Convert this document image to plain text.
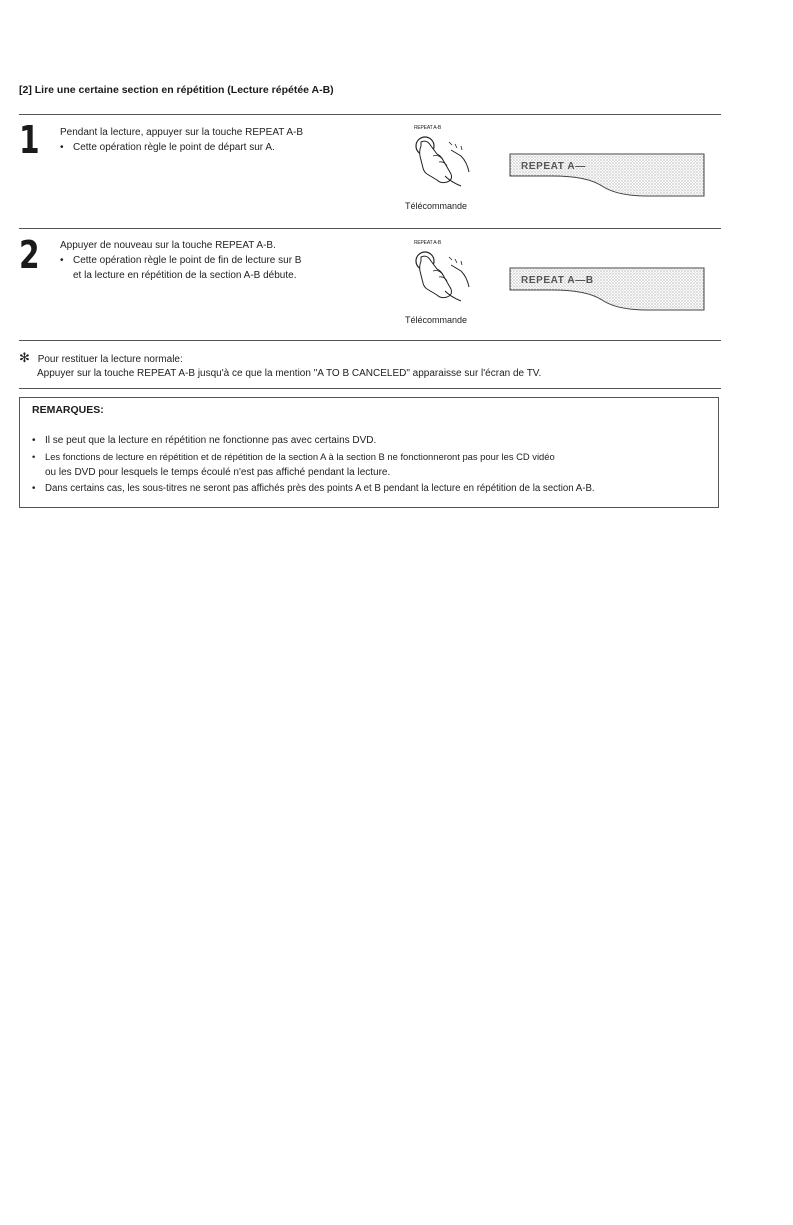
[2] Lire une certaine section en répétition (Lecture répétée A-B)
1 Pendant la lecture, appuyer sur la touche REPEAT A-B
• Cette opération règle le point de départ sur A.
REPEAT A-B
Télécommande
REPEAT A—
2 Appuyer de nouveau sur la touche REPEAT A-B.
• Cette opération règle le point de fin de lecture sur B
et la lecture en répétition de la section A-B débute.
REPEAT A-B
Télécommande
REPEAT A—B
✻ Pour restituer la lecture normale:
Appuyer sur la touche REPEAT A-B jusqu'à ce que la mention "A TO B CANCELED" apparaisse sur l'écran de TV.
REMARQUES:
• Il se peut que la lecture en répétition ne fonctionne pas avec certains DVD.
• Les fonctions de lecture en répétition et de répétition de la section A à la section B ne fonctionneront pas pour les CD vidéo
ou les DVD pour lesquels le temps écoulé n'est pas affiché pendant la lecture.
• Dans certains cas, les sous-titres ne seront pas affichés près des points A et B pendant la lecture en répétition de la section A-B.
